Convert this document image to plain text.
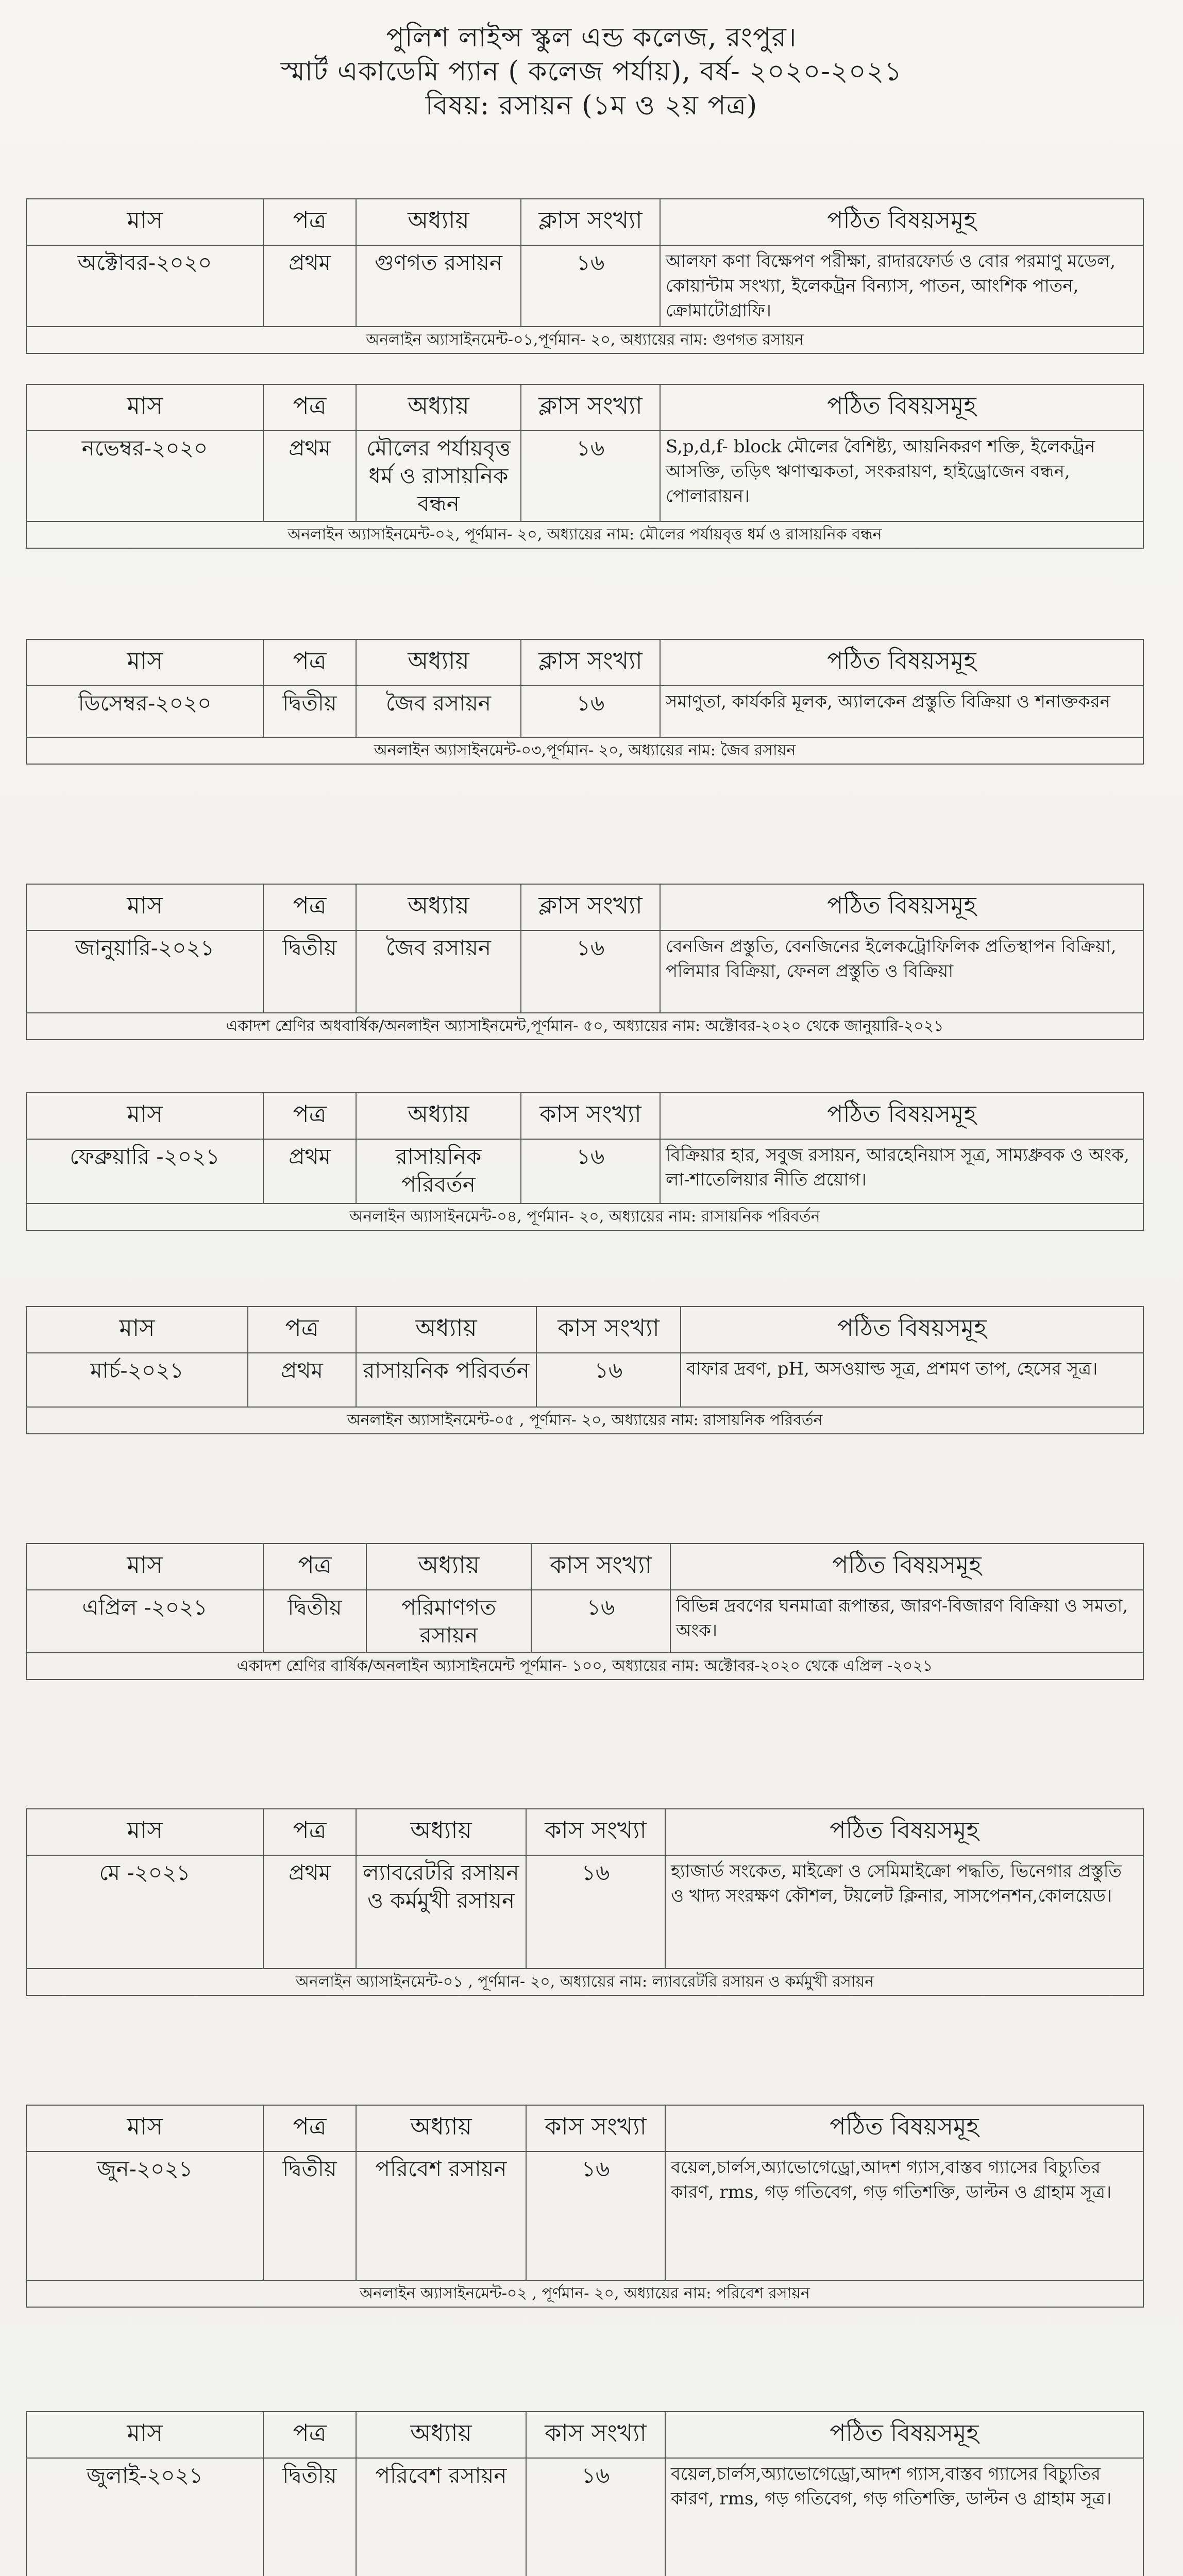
পুলিশ লাইন্স স্কুল এন্ড কলেজ, রংপুর।
স্মার্ট একাডেমি প্যান ( কলেজ পর্যায়), বর্ষ- ২০২০-২০২১
বিষয়: রসায়ন (১ম ও ২য় পত্র)
মাস	পত্র	অধ্যায়	ক্লাস সংখ্যা	পঠিত বিষয়সমূহ
অক্টোবর-২০২০	প্রথম	গুণগত রসায়ন	১৬	আলফা কণা বিক্ষেপণ পরীক্ষা, রাদারফোর্ড ও বোর পরমাণু মডেল, কোয়ান্টাম সংখ্যা, ইলেকট্রন বিন্যাস, পাতন, আংশিক পাতন, ক্রোমাটোগ্রাফি।
অনলাইন অ্যাসাইনমেন্ট-০১,পূর্ণমান- ২০, অধ্যায়ের নাম: গুণগত রসায়ন
মাস	পত্র	অধ্যায়	ক্লাস সংখ্যা	পঠিত বিষয়সমূহ
নভেম্বর-২০২০	প্রথম	মৌলের পর্যায়বৃত্ত ধর্ম ও রাসায়নিক বন্ধন	১৬	S,p,d,f- block মৌলের বৈশিষ্ট্য, আয়নিকরণ শক্তি, ইলেকট্রন আসক্তি, তড়িৎ ঋণাত্মকতা, সংকরায়ণ, হাইড্রোজেন বন্ধন, পোলারায়ন।
অনলাইন অ্যাসাইনমেন্ট-০২, পূর্ণমান- ২০, অধ্যায়ের নাম: মৌলের পর্যায়বৃত্ত ধর্ম ও রাসায়নিক বন্ধন
মাস	পত্র	অধ্যায়	ক্লাস সংখ্যা	পঠিত বিষয়সমূহ
ডিসেম্বর-২০২০	দ্বিতীয়	জৈব রসায়ন	১৬	সমাণুতা, কার্যকরি মূলক, অ্যালকেন প্রস্তুতি বিক্রিয়া ও শনাক্তকরন
অনলাইন অ্যাসাইনমেন্ট-০৩,পূর্ণমান- ২০, অধ্যায়ের নাম: জৈব রসায়ন
মাস	পত্র	অধ্যায়	ক্লাস সংখ্যা	পঠিত বিষয়সমূহ
জানুয়ারি-২০২১	দ্বিতীয়	জৈব রসায়ন	১৬	বেনজিন প্রস্তুতি, বেনজিনের ইলেকট্রোফিলিক প্রতিস্থাপন বিক্রিয়া, পলিমার বিক্রিয়া, ফেনল প্রস্তুতি ও বিক্রিয়া
একাদশ শ্রেণির অধবার্ষিক/অনলাইন অ্যাসাইনমেন্ট,পূর্ণমান- ৫০, অধ্যায়ের নাম: অক্টোবর-২০২০ থেকে জানুয়ারি-২০২১
মাস	পত্র	অধ্যায়	কাস সংখ্যা	পঠিত বিষয়সমূহ
ফেব্রুয়ারি -২০২১	প্রথম	রাসায়নিক পরিবর্তন	১৬	বিক্রিয়ার হার, সবুজ রসায়ন, আরহেনিয়াস সূত্র, সাম্যধ্রুবক ও অংক, লা-শাতেলিয়ার নীতি প্রয়োগ।
অনলাইন অ্যাসাইনমেন্ট-০৪, পূর্ণমান- ২০, অধ্যায়ের নাম: রাসায়নিক পরিবর্তন
মাস	পত্র	অধ্যায়	কাস সংখ্যা	পঠিত বিষয়সমূহ
মার্চ-২০২১	প্রথম	রাসায়নিক পরিবর্তন	১৬	বাফার দ্রবণ, pH, অসওয়াল্ড সূত্র, প্রশমণ তাপ, হেসের সূত্র।
অনলাইন অ্যাসাইনমেন্ট-০৫ , পূর্ণমান- ২০, অধ্যায়ের নাম: রাসায়নিক পরিবর্তন
মাস	পত্র	অধ্যায়	কাস সংখ্যা	পঠিত বিষয়সমূহ
এপ্রিল -২০২১	দ্বিতীয়	পরিমাণগত রসায়ন	১৬	বিভিন্ন দ্রবণের ঘনমাত্রা রূপান্তর, জারণ-বিজারণ বিক্রিয়া ও সমতা, অংক।
একাদশ শ্রেণির বার্ষিক/অনলাইন অ্যাসাইনমেন্ট পূর্ণমান- ১০০, অধ্যায়ের নাম: অক্টোবর-২০২০ থেকে এপ্রিল -২০২১
মাস	পত্র	অধ্যায়	কাস সংখ্যা	পঠিত বিষয়সমূহ
মে -২০২১	প্রথম	ল্যাবরেটরি রসায়ন ও কর্মমুখী রসায়ন	১৬	হ্যাজার্ড সংকেত, মাইক্রো ও সেমিমাইক্রো পদ্ধতি, ভিনেগার প্রস্তুতি ও খাদ্য সংরক্ষণ কৌশল, টয়লেট ক্লিনার, সাসপেনশন,কোলয়েড।
অনলাইন অ্যাসাইনমেন্ট-০১ , পূর্ণমান- ২০, অধ্যায়ের নাম: ল্যাবরেটরি রসায়ন ও কর্মমুখী রসায়ন
মাস	পত্র	অধ্যায়	কাস সংখ্যা	পঠিত বিষয়সমূহ
জুন-২০২১	দ্বিতীয়	পরিবেশ রসায়ন	১৬	বয়েল,চার্লস,অ্যাভোগেড্রো,আদশ গ্যাস,বাস্তব গ্যাসের বিচ্যুতির কারণ, rms, গড় গতিবেগ, গড় গতিশক্তি, ডাল্টন ও গ্রাহাম সূত্র।
অনলাইন অ্যাসাইনমেন্ট-০২ , পূর্ণমান- ২০, অধ্যায়ের নাম: পরিবেশ রসায়ন
মাস	পত্র	অধ্যায়	কাস সংখ্যা	পঠিত বিষয়সমূহ
জুলাই-২০২১	দ্বিতীয়	পরিবেশ রসায়ন	১৬	বয়েল,চার্লস,অ্যাভোগেড্রো,আদশ গ্যাস,বাস্তব গ্যাসের বিচ্যুতির কারণ, rms, গড় গতিবেগ, গড় গতিশক্তি, ডাল্টন ও গ্রাহাম সূত্র।
